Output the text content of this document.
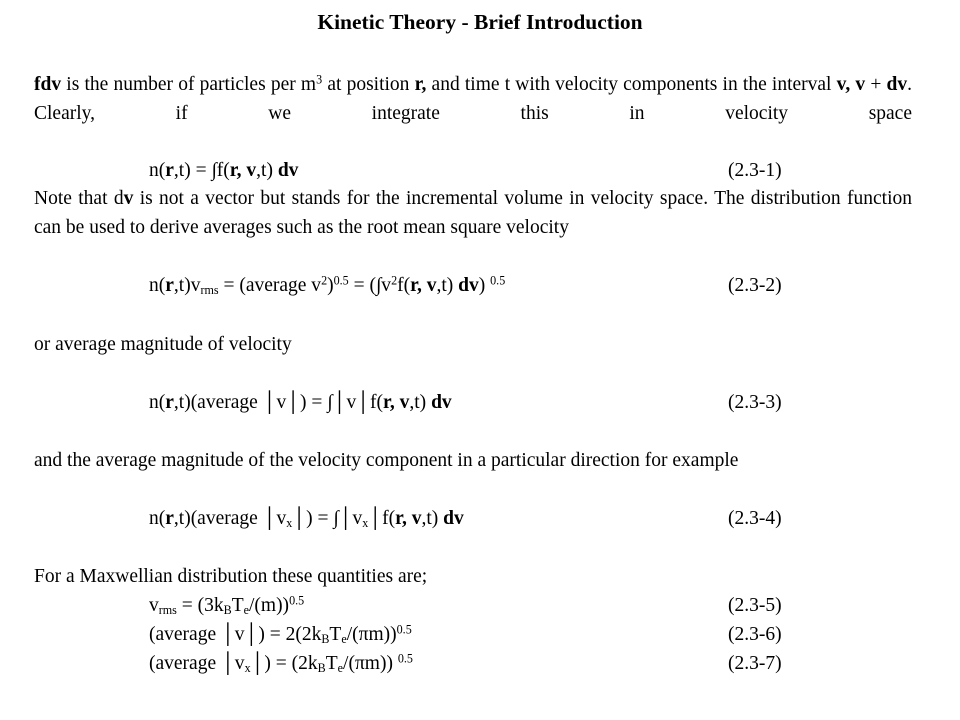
Kinetic Theory - Brief Introduction
fdv is the number of particles per $m^3$ at position r, and time t with velocity components in the interval v, v + dv. Clearly, if we integrate this in velocity space
n(r,t) = ∫f(r, v,t) dv	(2.3-1)
Note that dv is not a vector but stands for the incremental volume in velocity space. The distribution function can be used to derive averages such as the root mean square velocity
$n(r,t)v_{rms}$ = (average $v^2)^{0.5} = (\int v^2f(r$, v,t) dv) $^{0.5}$	(2.3-2)
or average magnitude of velocity
n(r,t)(average │v│) = ∫│v│f(r, v,t) dv	(2.3-3)
and the average magnitude of the velocity component in a particular direction for example
n(r,t)(average $│v_x│$) = $\int│v_x│f(r$, v,t) dv	(2.3-4)
For a Maxwellian distribution these quantities are;
$v_{rms} = (3k_BT_e/(m))^{0.5}$	(2.3-5)
(average │v│) = $2(2k_BT_e/(\pi m))^{0.5}$	(2.3-6)
(average $│v_x│) = (2k_BT_e/(\pi m))$ $^{0.5}$	(2.3-7)
